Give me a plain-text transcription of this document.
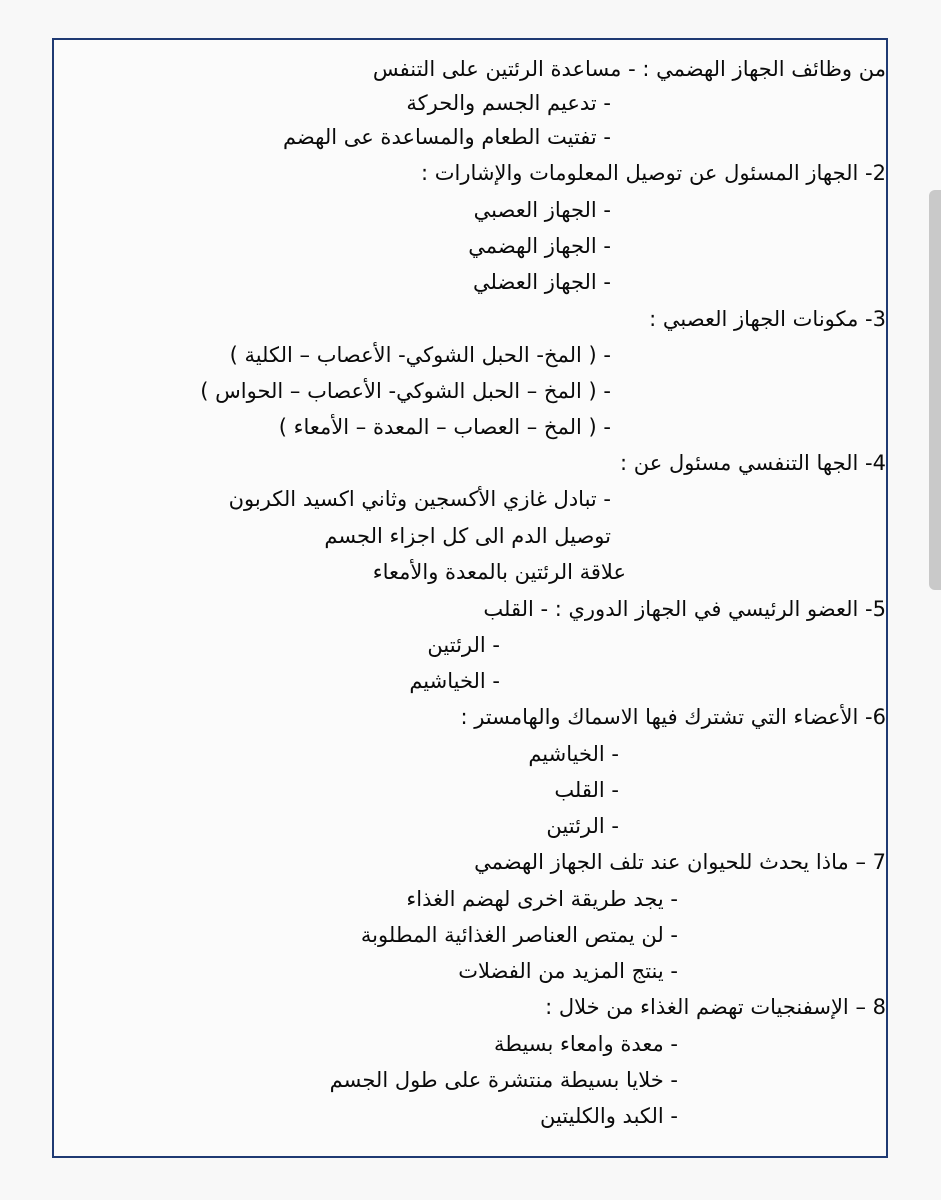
من وظائف الجهاز الهضمي : - مساعدة الرئتين على التنفس
- تدعيم الجسم والحركة
- تفتيت الطعام والمساعدة عى الهضم
2- الجهاز المسئول عن توصيل المعلومات والإشارات :
- الجهاز العصبي
- الجهاز الهضمي
- الجهاز العضلي
3- مكونات الجهاز العصبي :
- ( المخ- الحبل الشوكي- الأعصاب – الكلية )
- ( المخ – الحبل الشوكي- الأعصاب – الحواس )
- ( المخ – العصاب – المعدة – الأمعاء )
4- الجها التنفسي مسئول عن :
- تبادل غازي الأكسجين وثاني اكسيد الكربون
توصيل الدم الى كل اجزاء الجسم
علاقة الرئتين بالمعدة والأمعاء
5- العضو الرئيسي في الجهاز الدوري : - القلب
- الرئتين
- الخياشيم
6- الأعضاء التي تشترك فيها الاسماك والهامستر :
- الخياشيم
- القلب
- الرئتين
7 – ماذا يحدث للحيوان عند تلف الجهاز الهضمي
- يجد طريقة اخرى لهضم الغذاء
- لن يمتص العناصر الغذائية المطلوبة
- ينتج المزيد من الفضلات
8 – الإسفنجيات تهضم الغذاء من خلال :
- معدة وامعاء بسيطة
- خلايا بسيطة منتشرة على طول الجسم
- الكبد والكليتين
